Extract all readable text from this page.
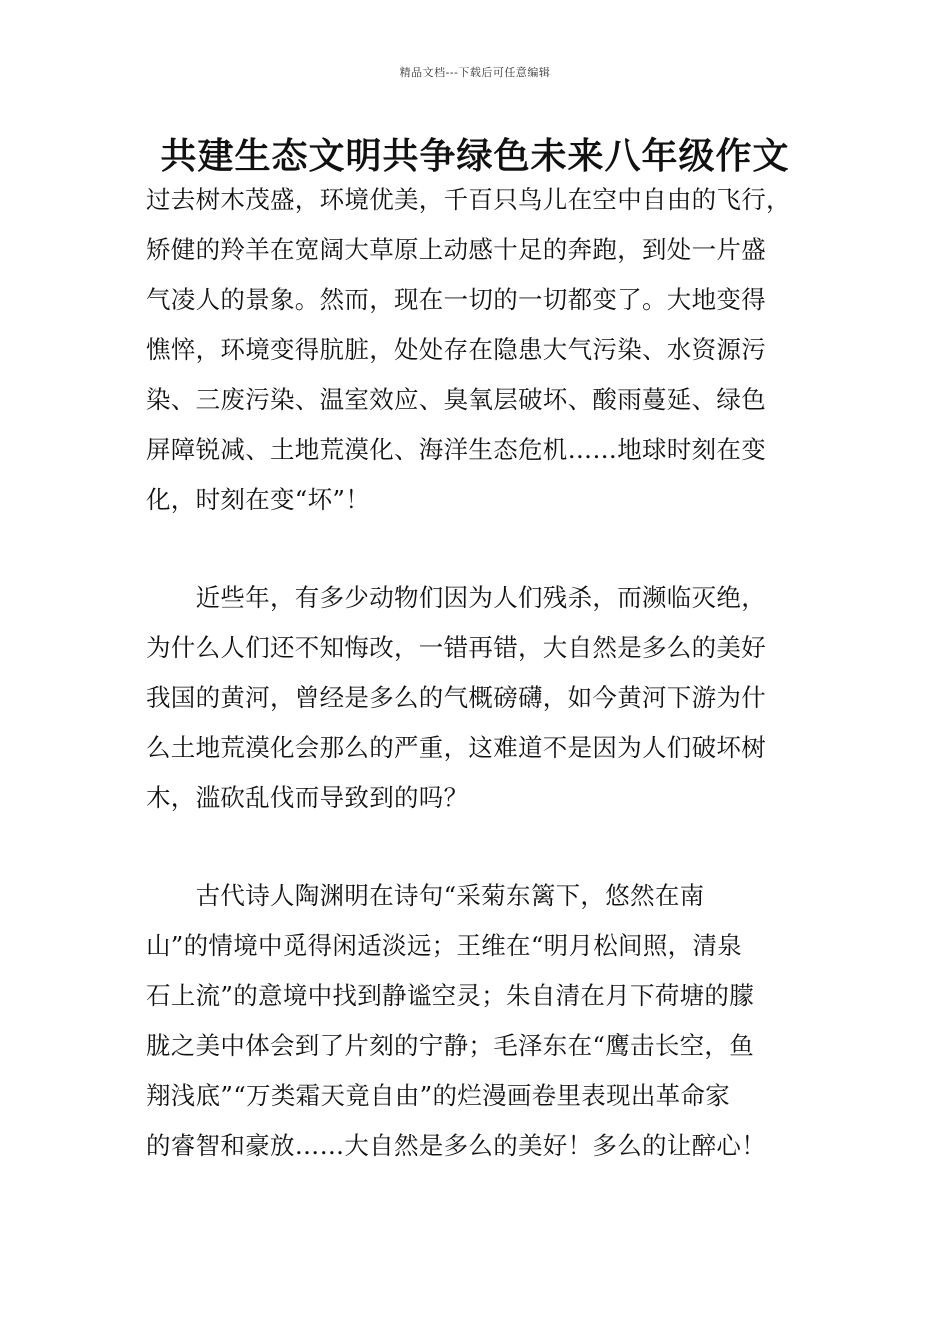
精品文档---下载后可任意编辑
共建生态文明共争绿色未来八年级作文
过去树木茂盛，环境优美，千百只鸟儿在空中自由的飞行，
矫健的羚羊在宽阔大草原上动感十足的奔跑，到处一片盛
气凌人的景象。然而，现在一切的一切都变了。大地变得
憔悴，环境变得肮脏，处处存在隐患大气污染、水资源污
染、三废污染、温室效应、臭氧层破坏、酸雨蔓延、绿色
屏障锐减、土地荒漠化、海洋生态危机……地球时刻在变
化，时刻在变“坏”！
　　近些年，有多少动物们因为人们残杀，而濒临灭绝，
为什么人们还不知悔改，一错再错，大自然是多么的美好
我国的黄河，曾经是多么的气概磅礴，如今黄河下游为什
么土地荒漠化会那么的严重，这难道不是因为人们破坏树
木，滥砍乱伐而导致到的吗？
　　古代诗人陶渊明在诗句“采菊东篱下，悠然在南
山”的情境中觅得闲适淡远；王维在“明月松间照，清泉
石上流”的意境中找到静谧空灵；朱自清在月下荷塘的朦
胧之美中体会到了片刻的宁静；毛泽东在“鹰击长空，鱼
翔浅底”“万类霜天竟自由”的烂漫画卷里表现出革命家
的睿智和豪放……大自然是多么的美好！多么的让醉心！
